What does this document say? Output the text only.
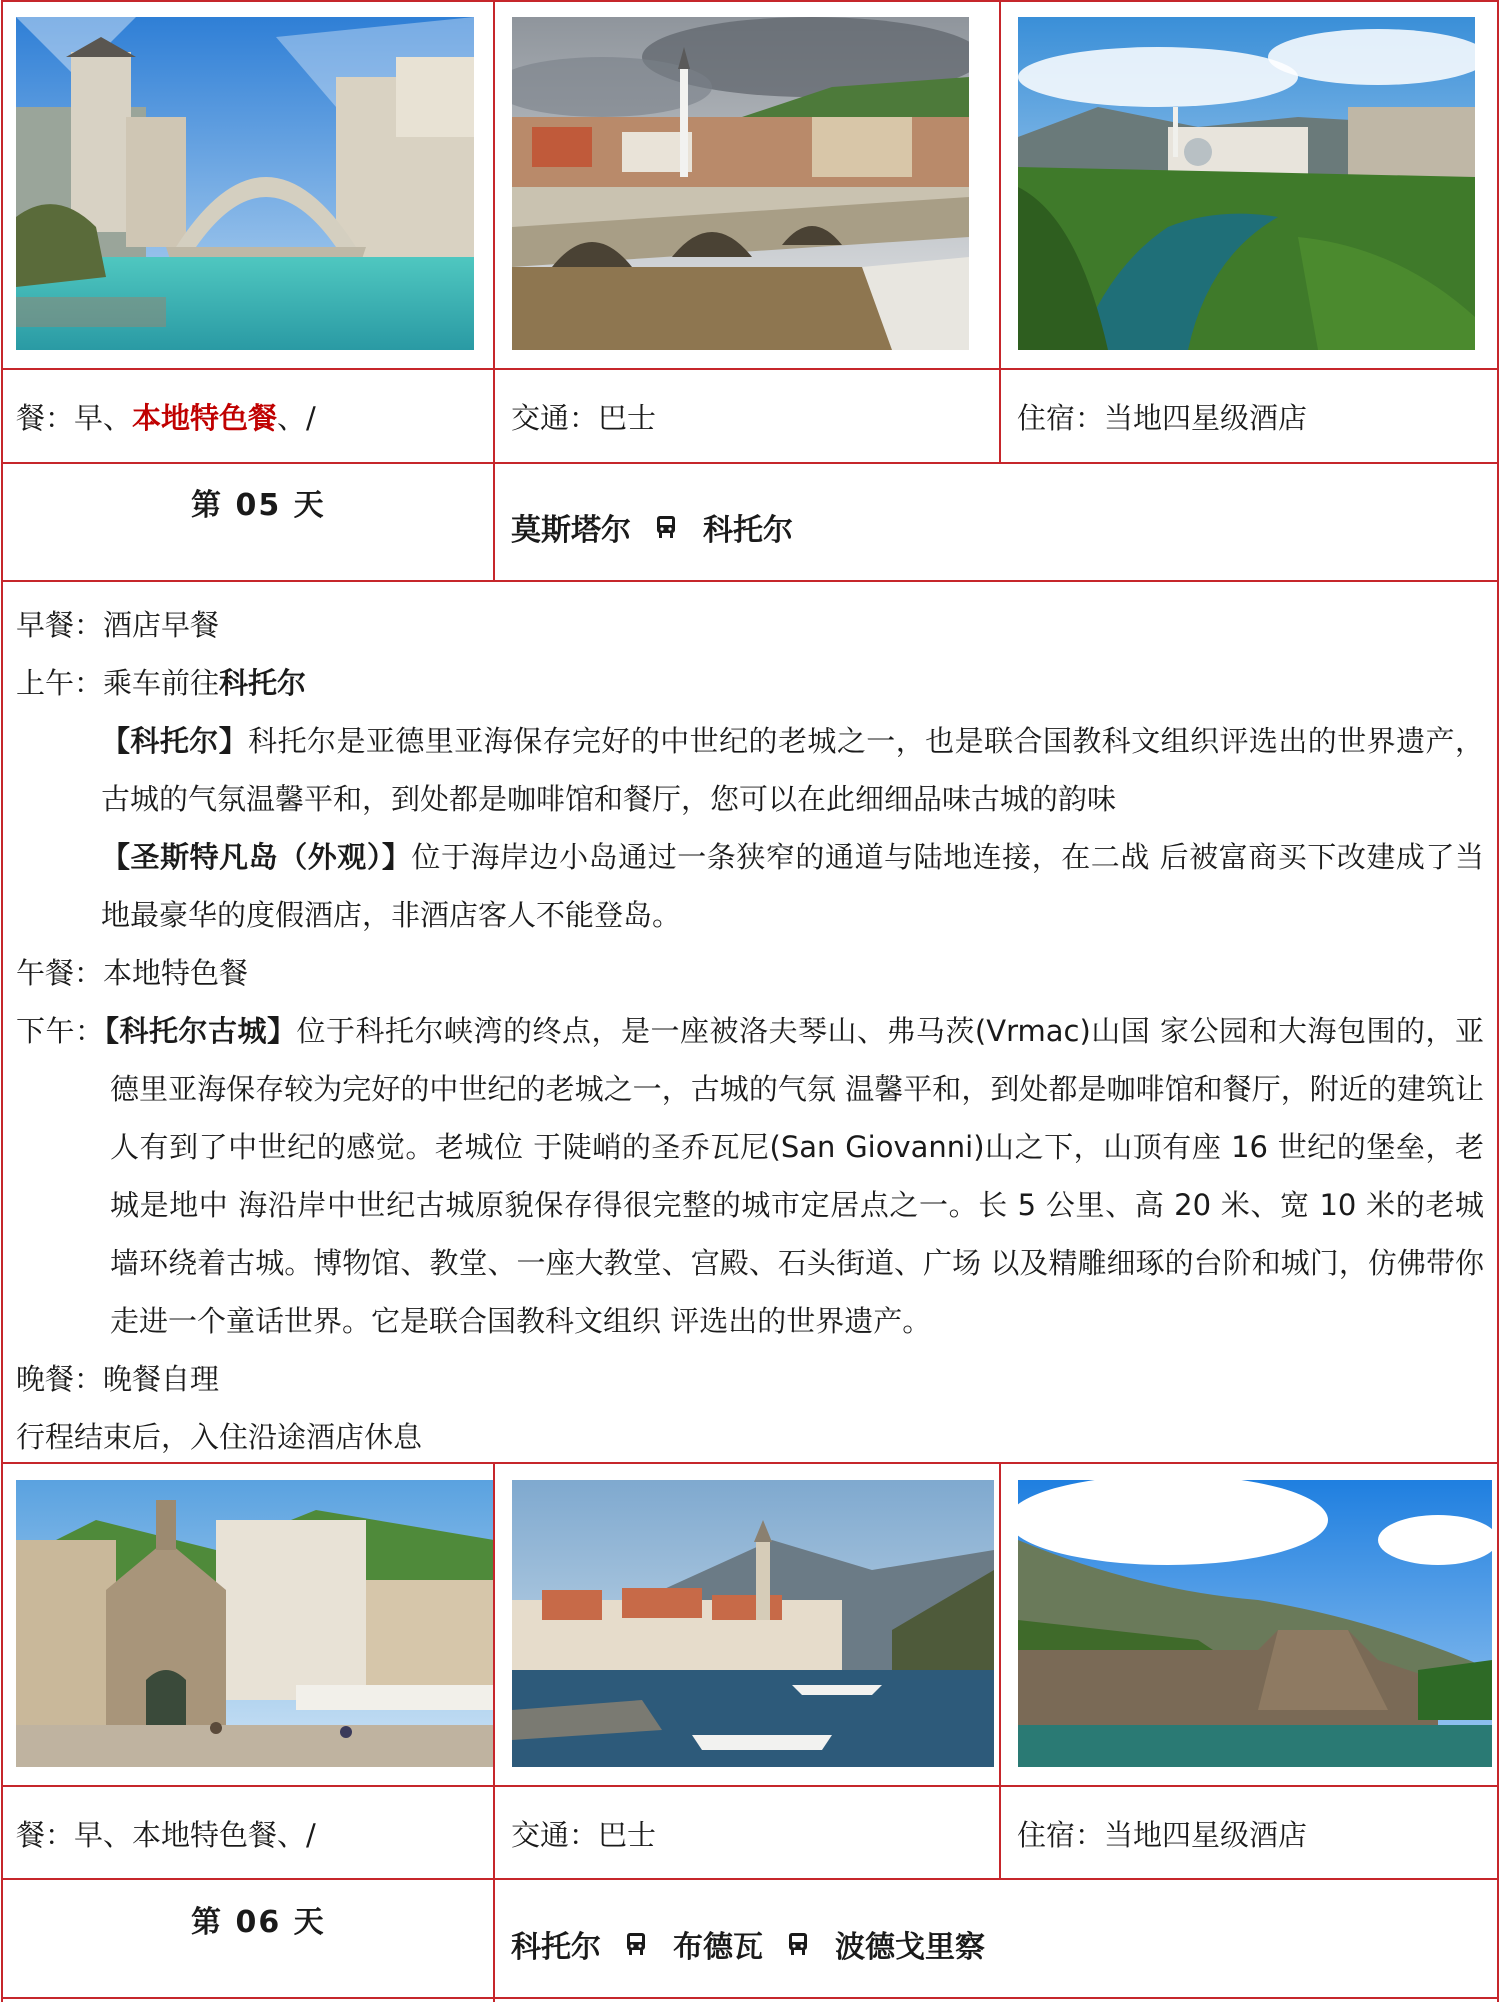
餐：早、本地特色餐、/	交通：巴士	住宿：当地四星级酒店
第 05 天
莫斯塔尔 科托尔
早餐：酒店早餐
上午：乘车前往科托尔
【科托尔】科托尔是亚德里亚海保存完好的中世纪的老城之一，也是联合国教科文组织评选出的世界遗产，古城的气氛温馨平和，到处都是咖啡馆和餐厅，您可以在此细细品味古城的韵味
【圣斯特凡岛（外观）】位于海岸边小岛通过一条狭窄的通道与陆地连接，在二战 后被富商买下改建成了当地最豪华的度假酒店，非酒店客人不能登岛。
午餐：本地特色餐
下午：【科托尔古城】位于科托尔峡湾的终点，是一座被洛夫琴山、弗马茨(Vrmac)山国 家公园和大海包围的，亚德里亚海保存较为完好的中世纪的老城之一，古城的气氛 温馨平和，到处都是咖啡馆和餐厅，附近的建筑让人有到了中世纪的感觉。老城位 于陡峭的圣乔瓦尼(San Giovanni)山之下，山顶有座 16 世纪的堡垒，老城是地中 海沿岸中世纪古城原貌保存得很完整的城市定居点之一。长 5 公里、高 20 米、宽 10 米的老城墙环绕着古城。博物馆、教堂、一座大教堂、宫殿、石头街道、广场 以及精雕细琢的台阶和城门，仿佛带你走进一个童话世界。它是联合国教科文组织 评选出的世界遗产。
晚餐：晚餐自理
行程结束后，入住沿途酒店休息
餐：早、本地特色餐、/	交通：巴士	住宿：当地四星级酒店
第 06 天
科托尔 布德瓦 波德戈里察
